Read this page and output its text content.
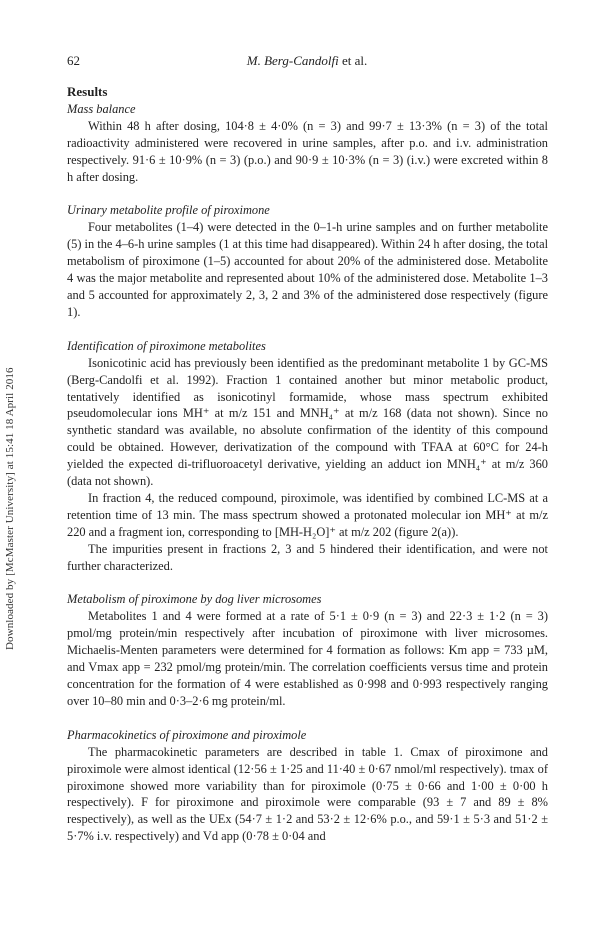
Downloaded by [McMaster University] at 15:41 18 April 2016
62	M. Berg-Candolfi et al.
Results
Mass balance

Within 48 h after dosing, 104·8 ± 4·0% (n = 3) and 99·7 ± 13·3% (n = 3) of the total radioactivity administered were recovered in urine samples, after p.o. and i.v. administration respectively. 91·6 ± 10·9% (n = 3) (p.o.) and 90·9 ± 10·3% (n = 3) (i.v.) were excreted within 8 h after dosing.

Urinary metabolite profile of piroximone

Four metabolites (1–4) were detected in the 0–1-h urine samples and on further metabolite (5) in the 4–6-h urine samples (1 at this time had disappeared). Within 24 h after dosing, the total metabolism of piroximone (1–5) accounted for about 20% of the administered dose. Metabolite 4 was the major metabolite and represented about 10% of the administered dose. Metabolite 1–3 and 5 accounted for approximately 2, 3, 2 and 3% of the administered dose respectively (figure 1).

Identification of piroximone metabolites

Isonicotinic acid has previously been identified as the predominant metabolite 1 by GC-MS (Berg-Candolfi et al. 1992). Fraction 1 contained another but minor metabolic product, tentatively identified as isonicotinyl formamide, whose mass spectrum exhibited pseudomolecular ions MH⁺ at m/z 151 and MNH₄⁺ at m/z 168 (data not shown). Since no synthetic standard was available, no absolute confirmation of the identity of this compound could be obtained. However, derivatization of the compound with TFAA at 60°C for 24-h yielded the expected di-trifluoroacetyl derivative, yielding an adduct ion MNH₄⁺ at m/z 360 (data not shown).

In fraction 4, the reduced compound, piroximole, was identified by combined LC-MS at a retention time of 13 min. The mass spectrum showed a protonated molecular ion MH⁺ at m/z 220 and a fragment ion, corresponding to [MH-H₂O]⁺ at m/z 202 (figure 2(a)).

The impurities present in fractions 2, 3 and 5 hindered their identification, and were not further characterized.

Metabolism of piroximone by dog liver microsomes

Metabolites 1 and 4 were formed at a rate of 5·1 ± 0·9 (n = 3) and 22·3 ± 1·2 (n = 3) pmol/mg protein/min respectively after incubation of piroximone with liver microsomes. Michaelis-Menten parameters were determined for 4 formation as follows: Km app = 733 µM, and Vmax app = 232 pmol/mg protein/min. The correlation coefficients versus time and protein concentration for the formation of 4 were established as 0·998 and 0·993 respectively ranging over 10–80 min and 0·3–2·6 mg protein/ml.

Pharmacokinetics of piroximone and piroximole

The pharmacokinetic parameters are described in table 1. Cmax of piroximone and piroximole were almost identical (12·56 ± 1·25 and 11·40 ± 0·67 nmol/ml respectively). tmax of piroximone showed more variability than for piroximole (0·75 ± 0·66 and 1·00 ± 0·00 h respectively). F for piroximone and piroximole were comparable (93 ± 7 and 89 ± 8% respectively), as well as the UEx (54·7 ± 1·2 and 53·2 ± 12·6% p.o., and 59·1 ± 5·3 and 51·2 ± 5·7% i.v. respectively) and Vd app (0·78 ± 0·04 and
